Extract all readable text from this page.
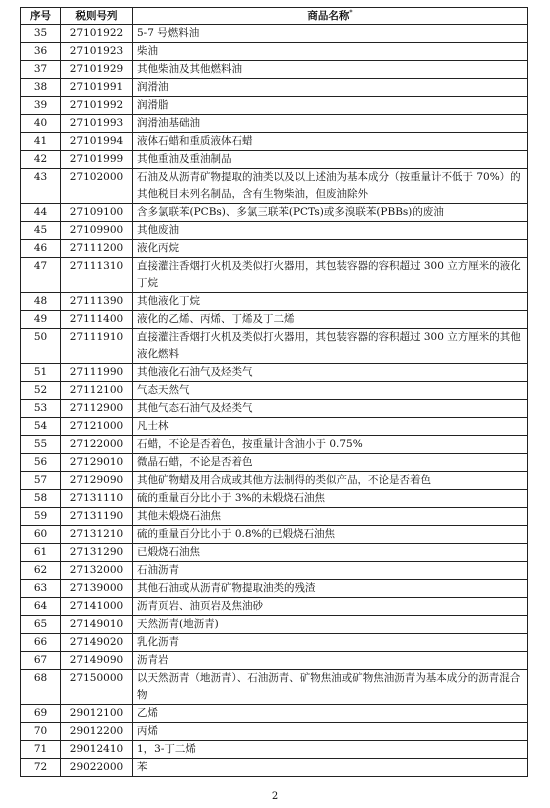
序号	税则号列	商品名称*
35	27101922	5-7 号燃料油
36	27101923	柴油
37	27101929	其他柴油及其他燃料油
38	27101991	润滑油
39	27101992	润滑脂
40	27101993	润滑油基础油
41	27101994	液体石蜡和重质液体石蜡
42	27101999	其他重油及重油制品
43	27102000	石油及从沥青矿物提取的油类以及以上述油为基本成分（按重量计不低于 70%）的其他税目未列名制品，含有生物柴油，但废油除外
44	27109100	含多氯联苯(PCBs)、多氯三联苯(PCTs)或多溴联苯(PBBs)的废油
45	27109900	其他废油
46	27111200	液化丙烷
47	27111310	直接灌注香烟打火机及类似打火器用，其包装容器的容积超过 300 立方厘米的液化丁烷
48	27111390	其他液化丁烷
49	27111400	液化的乙烯、丙烯、丁烯及丁二烯
50	27111910	直接灌注香烟打火机及类似打火器用，其包装容器的容积超过 300 立方厘米的其他液化燃料
51	27111990	其他液化石油气及烃类气
52	27112100	气态天然气
53	27112900	其他气态石油气及烃类气
54	27121000	凡士林
55	27122000	石蜡，不论是否着色，按重量计含油小于 0.75%
56	27129010	微晶石蜡，不论是否着色
57	27129090	其他矿物蜡及用合成或其他方法制得的类似产品，不论是否着色
58	27131110	硫的重量百分比小于 3%的未煅烧石油焦
59	27131190	其他未煅烧石油焦
60	27131210	硫的重量百分比小于 0.8%的已煅烧石油焦
61	27131290	已煅烧石油焦
62	27132000	石油沥青
63	27139000	其他石油或从沥青矿物提取油类的残渣
64	27141000	沥青页岩、油页岩及焦油砂
65	27149010	天然沥青(地沥青)
66	27149020	乳化沥青
67	27149090	沥青岩
68	27150000	以天然沥青（地沥青）、石油沥青、矿物焦油或矿物焦油沥青为基本成分的沥青混合物
69	29012100	乙烯
70	29012200	丙烯
71	29012410	1，3-丁二烯
72	29022000	苯
2
